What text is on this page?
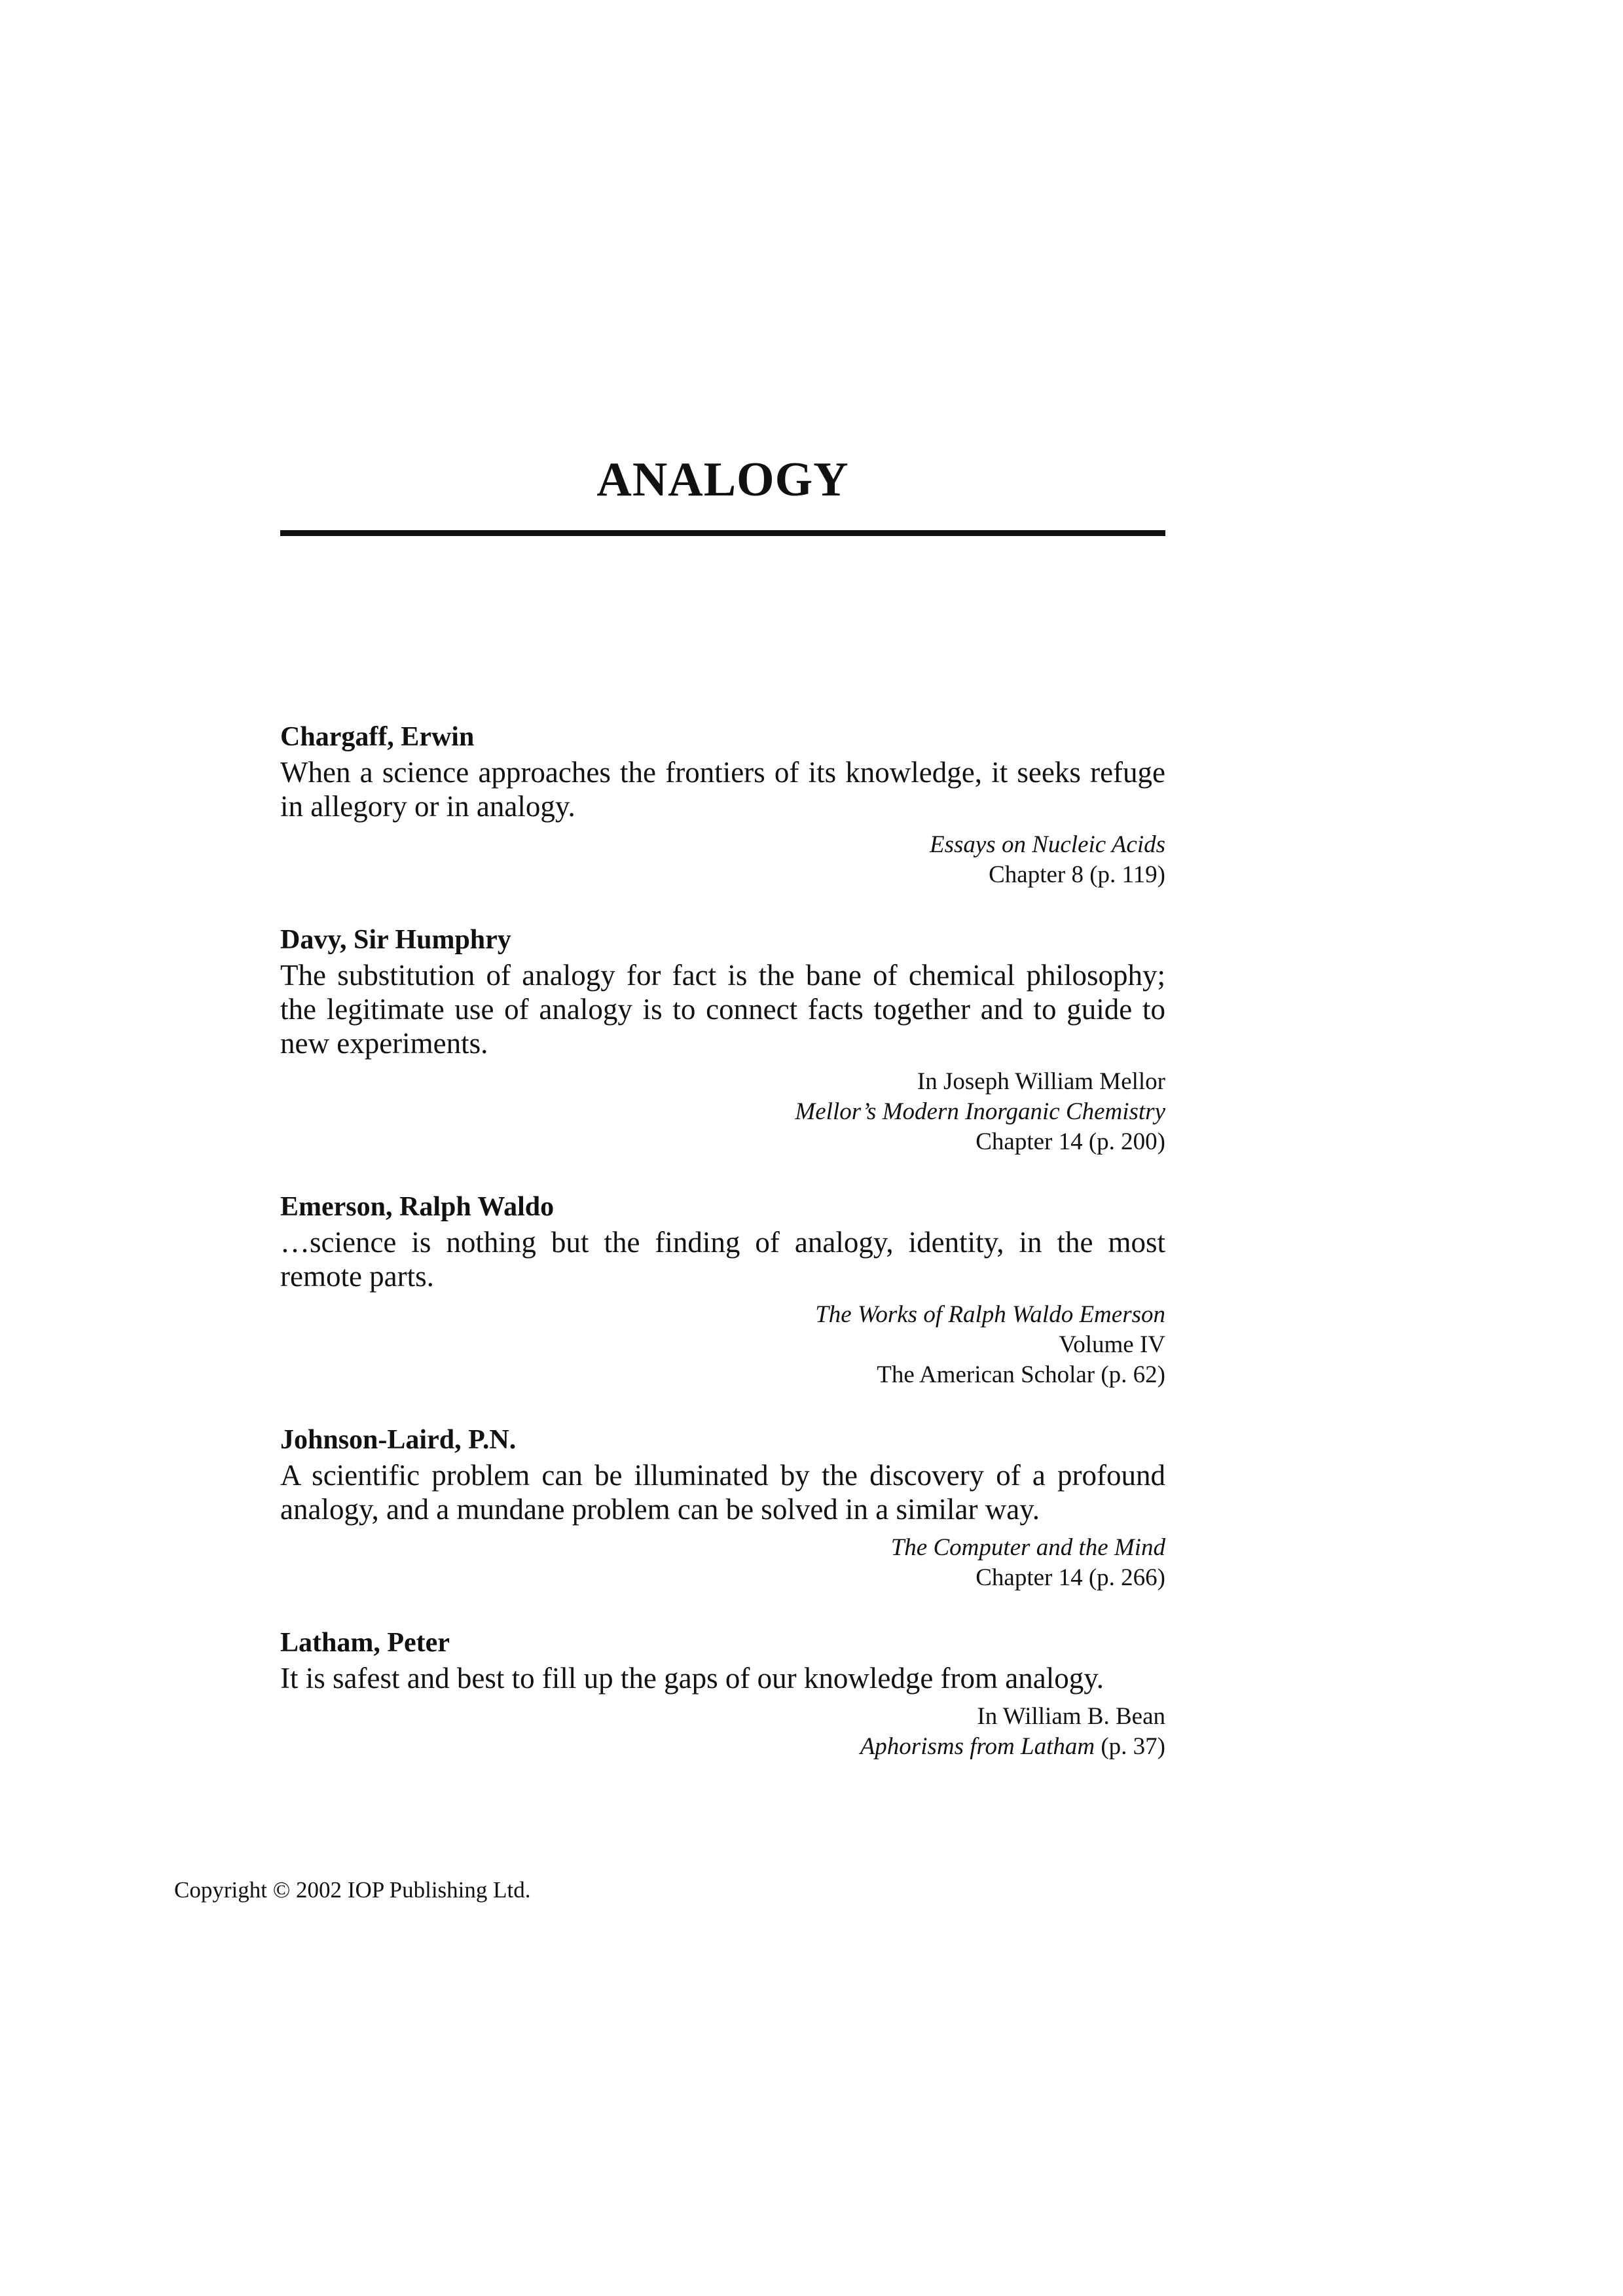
ANALOGY
Chargaff, Erwin
When a science approaches the frontiers of its knowledge, it seeks refuge in allegory or in analogy.
Essays on Nucleic Acids
Chapter 8 (p. 119)
Davy, Sir Humphry
The substitution of analogy for fact is the bane of chemical philosophy; the legitimate use of analogy is to connect facts together and to guide to new experiments.
In Joseph William Mellor
Mellor’s Modern Inorganic Chemistry
Chapter 14 (p. 200)
Emerson, Ralph Waldo
…science is nothing but the finding of analogy, identity, in the most remote parts.
The Works of Ralph Waldo Emerson
Volume IV
The American Scholar (p. 62)
Johnson-Laird, P.N.
A scientific problem can be illuminated by the discovery of a profound analogy, and a mundane problem can be solved in a similar way.
The Computer and the Mind
Chapter 14 (p. 266)
Latham, Peter
It is safest and best to fill up the gaps of our knowledge from analogy.
In William B. Bean
Aphorisms from Latham (p. 37)
Copyright © 2002 IOP Publishing Ltd.
